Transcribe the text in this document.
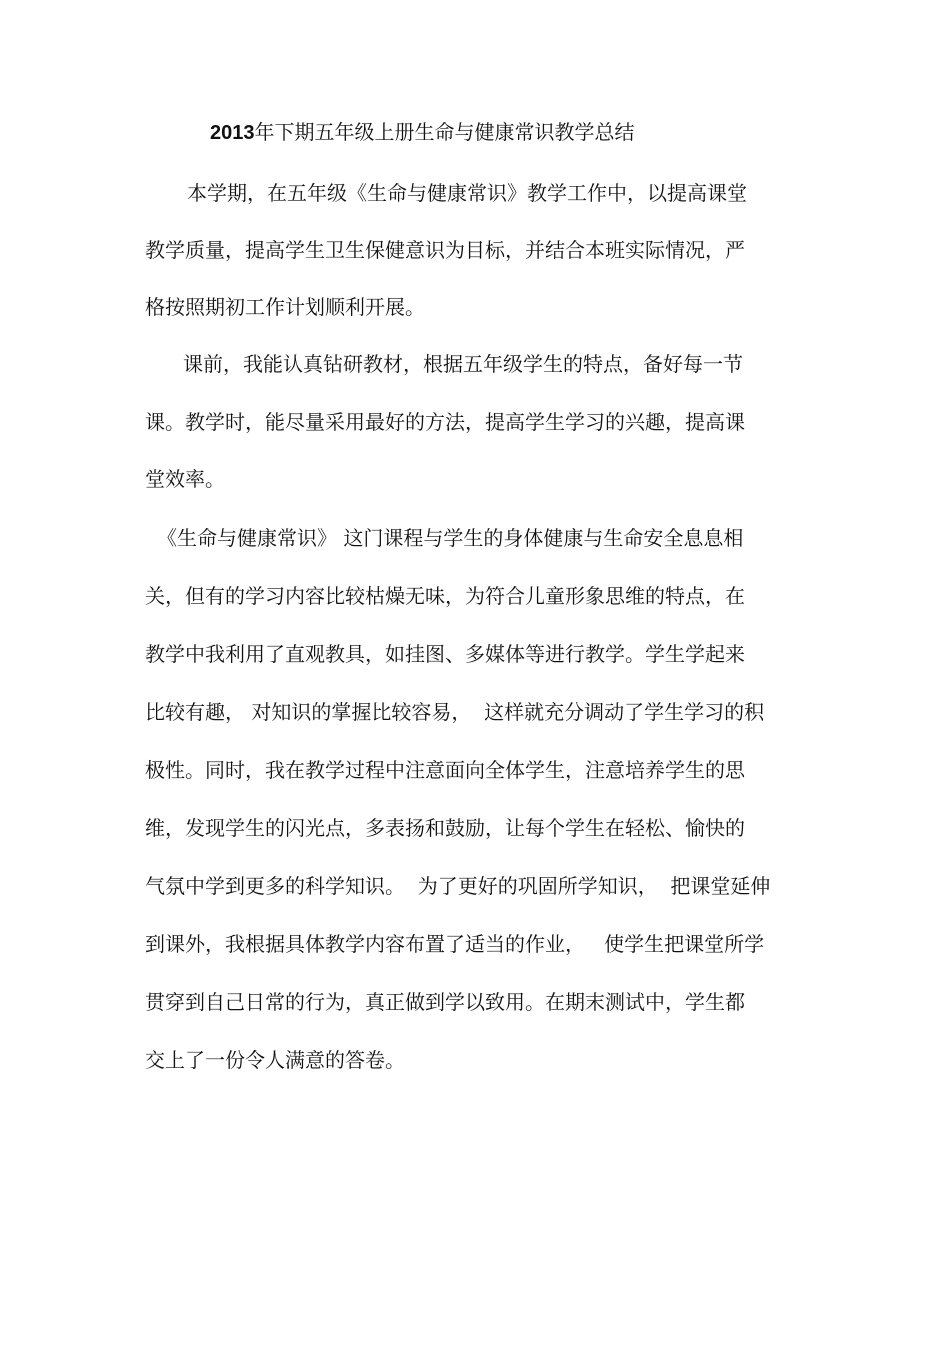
2013年下期五年级上册生命与健康常识教学总结
本学期，在五年级《生命与健康常识》教学工作中，以提高课堂
教学质量，提高学生卫生保健意识为目标，并结合本班实际情况，严
格按照期初工作计划顺利开展。
课前，我能认真钻研教材，根据五年级学生的特点，备好每一节
课。教学时，能尽量采用最好的方法，提高学生学习的兴趣，提高课
堂效率。
《生命与健康常识》 这门课程与学生的身体健康与生命安全息息相
关，但有的学习内容比较枯燥无味，为符合儿童形象思维的特点，在
教学中我利用了直观教具，如挂图、多媒体等进行教学。学生学起来
比较有趣， 对知识的掌握比较容易，  这样就充分调动了学生学习的积
极性。同时，我在教学过程中注意面向全体学生，注意培养学生的思
维，发现学生的闪光点，多表扬和鼓励，让每个学生在轻松、愉快的
气氛中学到更多的科学知识。  为了更好的巩固所学知识，  把课堂延伸
到课外，我根据具体教学内容布置了适当的作业，   使学生把课堂所学
贯穿到自己日常的行为，真正做到学以致用。在期末测试中，学生都
交上了一份令人满意的答卷。
